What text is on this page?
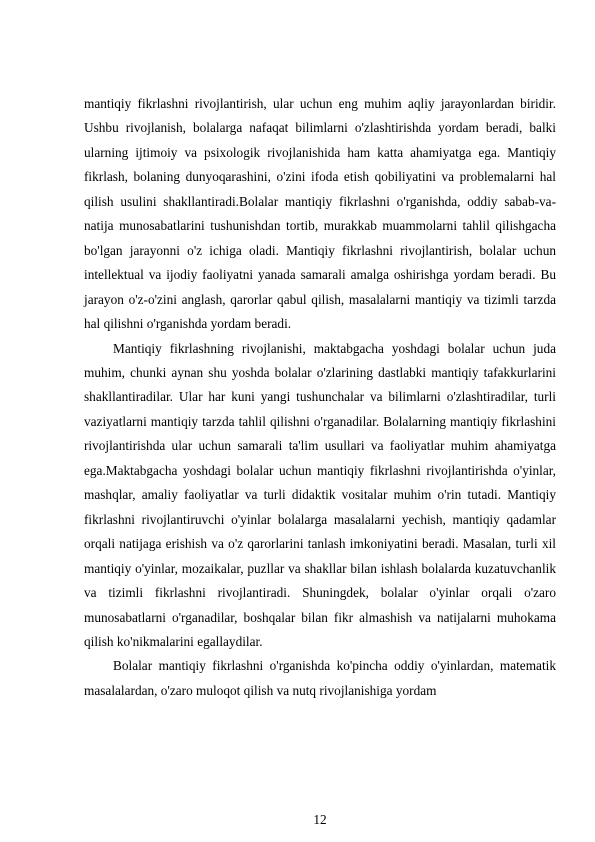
mantiqiy fikrlashni rivojlantirish, ular uchun eng muhim aqliy jarayonlardan biridir. Ushbu rivojlanish, bolalarga nafaqat bilimlarni o'zlashtirishda yordam beradi, balki ularning ijtimoiy va psixologik rivojlanishida ham katta ahamiyatga ega. Mantiqiy fikrlash, bolaning dunyoqarashini, o'zini ifoda etish qobiliyatini va problemalarni hal qilish usulini shakllantiradi.Bolalar mantiqiy fikrlashni o'rganishda, oddiy sabab-va-natija munosabatlarini tushunishdan tortib, murakkab muammolarni tahlil qilishgacha bo'lgan jarayonni o'z ichiga oladi. Mantiqiy fikrlashni rivojlantirish, bolalar uchun intellektual va ijodiy faoliyatni yanada samarali amalga oshirishga yordam beradi. Bu jarayon o'z-o'zini anglash, qarorlar qabul qilish, masalalarni mantiqiy va tizimli tarzda hal qilishni o'rganishda yordam beradi.

Mantiqiy fikrlashning rivojlanishi, maktabgacha yoshdagi bolalar uchun juda muhim, chunki aynan shu yoshda bolalar o'zlarining dastlabki mantiqiy tafakkurlarini shakllantiradilar. Ular har kuni yangi tushunchalar va bilimlarni o'zlashtiradilar, turli vaziyatlarni mantiqiy tarzda tahlil qilishni o'rganadilar. Bolalarning mantiqiy fikrlashini rivojlantirishda ular uchun samarali ta'lim usullari va faoliyatlar muhim ahamiyatga ega.Maktabgacha yoshdagi bolalar uchun mantiqiy fikrlashni rivojlantirishda o'yinlar, mashqlar, amaliy faoliyatlar va turli didaktik vositalar muhim o'rin tutadi. Mantiqiy fikrlashni rivojlantiruvchi o'yinlar bolalarga masalalarni yechish, mantiqiy qadamlar orqali natijaga erishish va o'z qarorlarini tanlash imkoniyatini beradi. Masalan, turli xil mantiqiy o'yinlar, mozaikalar, puzllar va shakllar bilan ishlash bolalarda kuzatuvchanlik va tizimli fikrlashni rivojlantiradi. Shuningdek, bolalar o'yinlar orqali o'zaro munosabatlarni o'rganadilar, boshqalar bilan fikr almashish va natijalarni muhokama qilish ko'nikmalarini egallaydilar.

Bolalar mantiqiy fikrlashni o'rganishda ko'pincha oddiy o'yinlardan, matematik masalalardan, o'zaro muloqot qilish va nutq rivojlanishiga yordam

12
